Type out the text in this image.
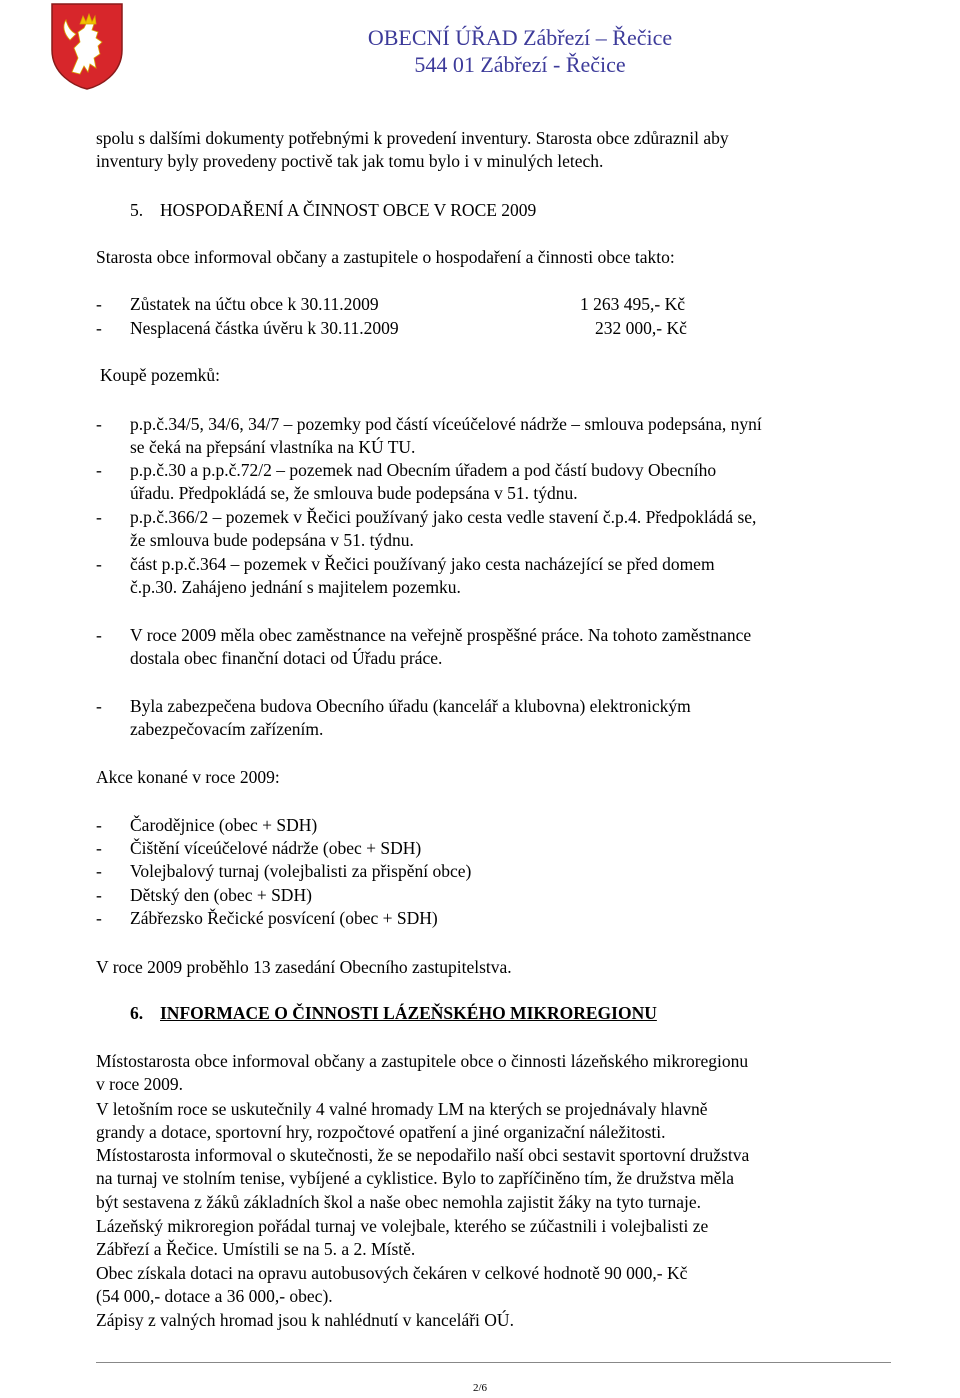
OBECNÍ ÚŘAD Zábřezí – Řečice
544 01 Zábřezí - Řečice
spolu s dalšími dokumenty potřebnými k provedení inventury. Starosta obce zdůraznil aby
inventury byly provedeny poctivě tak jak tomu bylo i v minulých letech.
5. HOSPODAŘENÍ A ČINNOST OBCE V ROCE 2009
Starosta obce informoval občany a zastupitele o hospodaření a činnosti obce takto:
- Zůstatek na účtu obce k 30.11.2009	1 263 495,- Kč
- Nesplacená částka úvěru k 30.11.2009	232 000,- Kč
Koupě pozemků:
- p.p.č.34/5, 34/6, 34/7 – pozemky pod částí víceúčelové nádrže – smlouva podepsána, nyní
se čeká na přepsání vlastníka na KÚ TU.
- p.p.č.30 a p.p.č.72/2 – pozemek nad Obecním úřadem a pod částí budovy Obecního
úřadu. Předpokládá se, že smlouva bude podepsána v 51. týdnu.
- p.p.č.366/2 – pozemek v Řečici používaný jako cesta vedle stavení č.p.4. Předpokládá se,
že smlouva bude podepsána v 51. týdnu.
- část p.p.č.364 – pozemek v Řečici používaný jako cesta nacházející se před domem
č.p.30. Zahájeno jednání s majitelem pozemku.
- V roce 2009 měla obec zaměstnance na veřejně prospěšné práce. Na tohoto zaměstnance
dostala obec finanční dotaci od Úřadu práce.
- Byla zabezpečena budova Obecního úřadu (kancelář a klubovna) elektronickým
zabezpečovacím zařízením.
Akce konané v roce 2009:
- Čarodějnice (obec + SDH)
- Čištění víceúčelové nádrže (obec + SDH)
- Volejbalový turnaj (volejbalisti za přispění obce)
- Dětský den (obec + SDH)
- Zábřezsko Řečické posvícení (obec + SDH)
V roce 2009 proběhlo 13 zasedání Obecního zastupitelstva.
6. INFORMACE O ČINNOSTI LÁZEŇSKÉHO MIKROREGIONU
Místostarosta obce informoval občany a zastupitele obce o činnosti lázeňského mikroregionu
v roce 2009.
V letošním roce se uskutečnily 4 valné hromady LM na kterých se projednávaly hlavně
grandy a dotace, sportovní hry, rozpočtové opatření a jiné organizační náležitosti.
Místostarosta informoval o skutečnosti, že se nepodařilo naší obci sestavit sportovní družstva
na turnaj ve stolním tenise, vybíjené a cyklistice. Bylo to zapříčiněno tím, že družstva měla
být sestavena z žáků základních škol a naše obec nemohla zajistit žáky na tyto turnaje.
Lázeňský mikroregion pořádal turnaj ve volejbale, kterého se zúčastnili i volejbalisti ze
Zábřezí a Řečice. Umístili se na 5. a 2. Místě.
Obec získala dotaci na opravu autobusových čekáren v celkové hodnotě 90 000,- Kč
(54 000,- dotace a 36 000,- obec).
Zápisy z valných hromad jsou k nahlédnutí v kanceláři OÚ.
2/6
